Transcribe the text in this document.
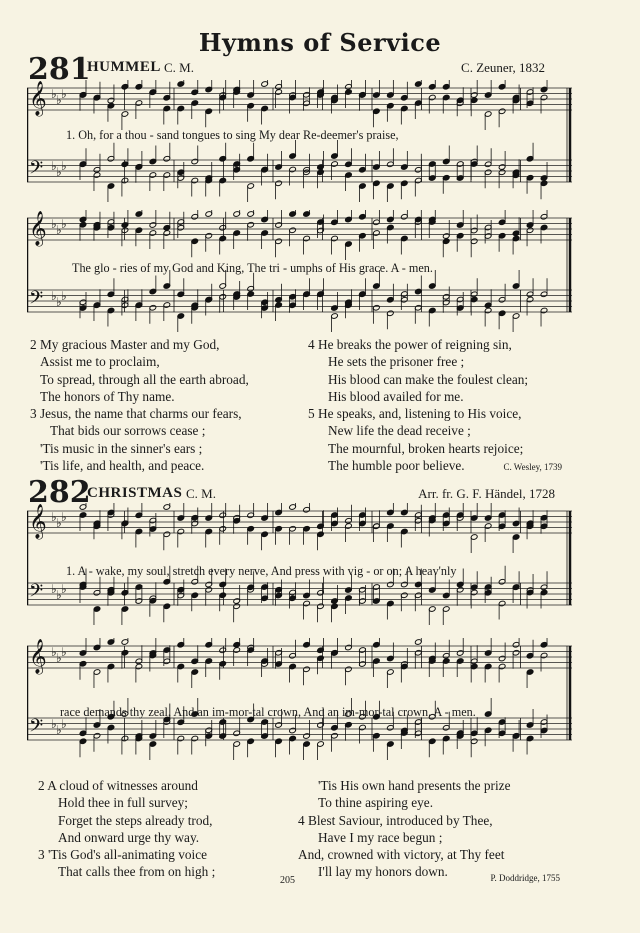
Hymns of Service
281
HUMMEL C. M.	C. Zeuner, 1832
𝄞 ♭ ♭ ♭
𝄢 ♭ ♭ ♭
1. Oh, for a thou - sand tongues to sing My dear Re-deemer's praise,
𝄞 ♭ ♭ ♭
𝄢 ♭ ♭ ♭
The glo - ries of my God and King, The tri - umphs of His grace. A - men.
2 My gracious Master and my God,
Assist me to proclaim,
To spread, through all the earth abroad,
The honors of Thy name.
3 Jesus, the name that charms our fears,
That bids our sorrows cease ;
'Tis music in the sinner's ears ;
'Tis life, and health, and peace.
4 He breaks the power of reigning sin,
He sets the prisoner free ;
His blood can make the foulest clean;
His blood availed for me.
5 He speaks, and, listening to His voice,
New life the dead receive ;
The mournful, broken hearts rejoice;
The humble poor believe.	C. Wesley, 1739
282
CHRISTMAS C. M.	Arr. fr. G. F. Händel, 1728
𝄞 ♭ ♭ ♭
𝄢 ♭ ♭ ♭
1. A - wake, my soul, stretch every nerve, And press with vig - or on; A heav'nly
𝄞 ♭ ♭ ♭
𝄢 ♭ ♭ ♭
race demands thy zeal, And an im-mor-tal crown, And an im-mor-tal crown. A - men.
2 A cloud of witnesses around
Hold thee in full survey;
Forget the steps already trod,
And onward urge thy way.
3 'Tis God's all-animating voice
That calls thee from on high ;
'Tis His own hand presents the prize
To thine aspiring eye.
4 Blest Saviour, introduced by Thee,
Have I my race begun ;
And, crowned with victory, at Thy feet
I'll lay my honors down.
205	P. Doddridge, 1755
